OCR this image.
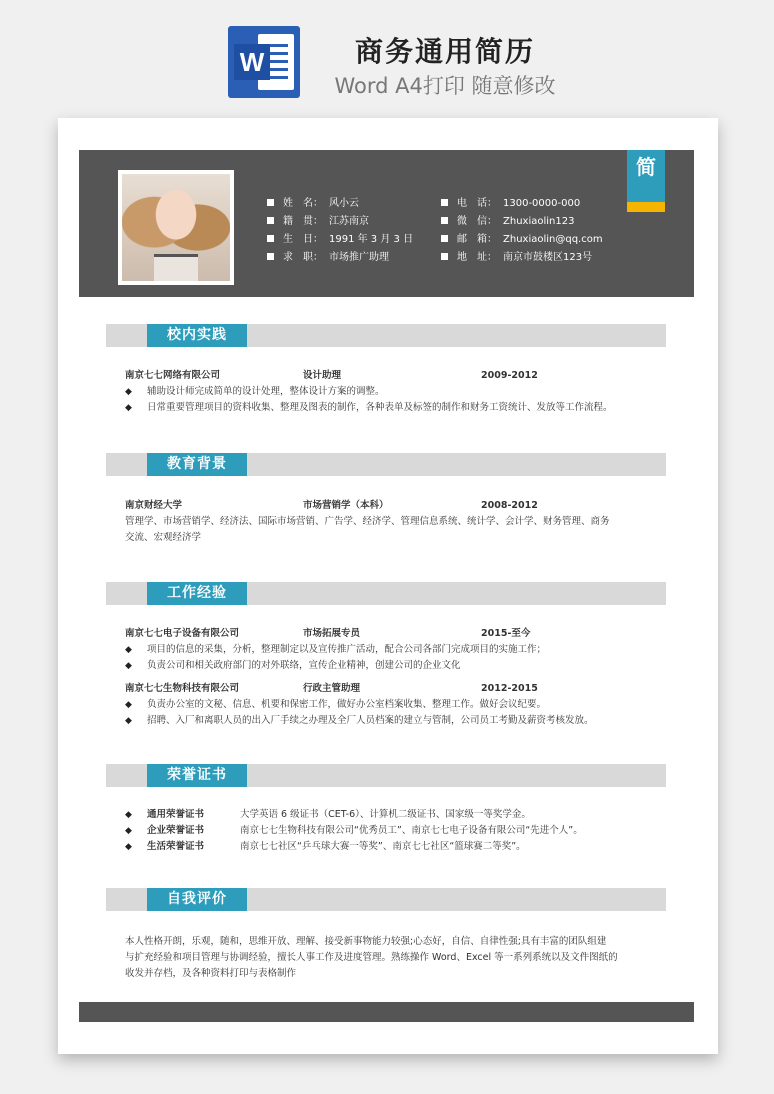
W	商务通用简历
Word A4打印 随意修改
简
姓　名： 风小云
籍　贯： 江苏南京
生　日： 1991 年 3 月 3 日
求　职： 市场推广助理
电　话： 1300-0000-000
微　信： Zhuxiaolin123
邮　箱： Zhuxiaolin@qq.com
地　址： 南京市鼓楼区123号
校内实践
南京七七网络有限公司	设计助理	2009-2012
◆ 辅助设计师完成简单的设计处理，整体设计方案的调整。
◆ 日常重要管理项目的资料收集、整理及图表的制作，各种表单及标签的制作和财务工资统计、发放等工作流程。
教育背景
南京财经大学	市场营销学（本科）	2008-2012
管理学、市场营销学、经济法、国际市场营销、广告学、经济学、管理信息系统、统计学、会计学、财务管理、商务
交流、宏观经济学
工作经验
南京七七电子设备有限公司	市场拓展专员	2015-至今
◆ 项目的信息的采集，分析，整理制定以及宣传推广活动，配合公司各部门完成项目的实施工作；
◆ 负责公司和相关政府部门的对外联络，宣传企业精神，创建公司的企业文化
南京七七生物科技有限公司	行政主管助理	2012-2015
◆ 负责办公室的文秘、信息、机要和保密工作，做好办公室档案收集、整理工作。做好会议纪要。
◆ 招聘、入厂和离职人员的出入厂手续之办理及全厂人员档案的建立与管制，公司员工考勤及薪资考核发放。
荣誉证书
◆ 通用荣誉证书	大学英语 6 级证书（CET-6）、计算机二级证书、国家级一等奖学金。
◆ 企业荣誉证书	南京七七生物科技有限公司“优秀员工”、南京七七电子设备有限公司“先进个人”。
◆ 生活荣誉证书	南京七七社区“乒乓球大赛一等奖”、南京七七社区“篮球赛二等奖”。
自我评价
本人性格开朗，乐观，随和，思维开放、理解、接受新事物能力较强;心态好，自信、自律性强;具有丰富的团队组建
与扩充经验和项目管理与协调经验，擅长人事工作及进度管理。熟练操作 Word、Excel 等一系列系统以及文件图纸的
收发并存档，及各种资料打印与表格制作
